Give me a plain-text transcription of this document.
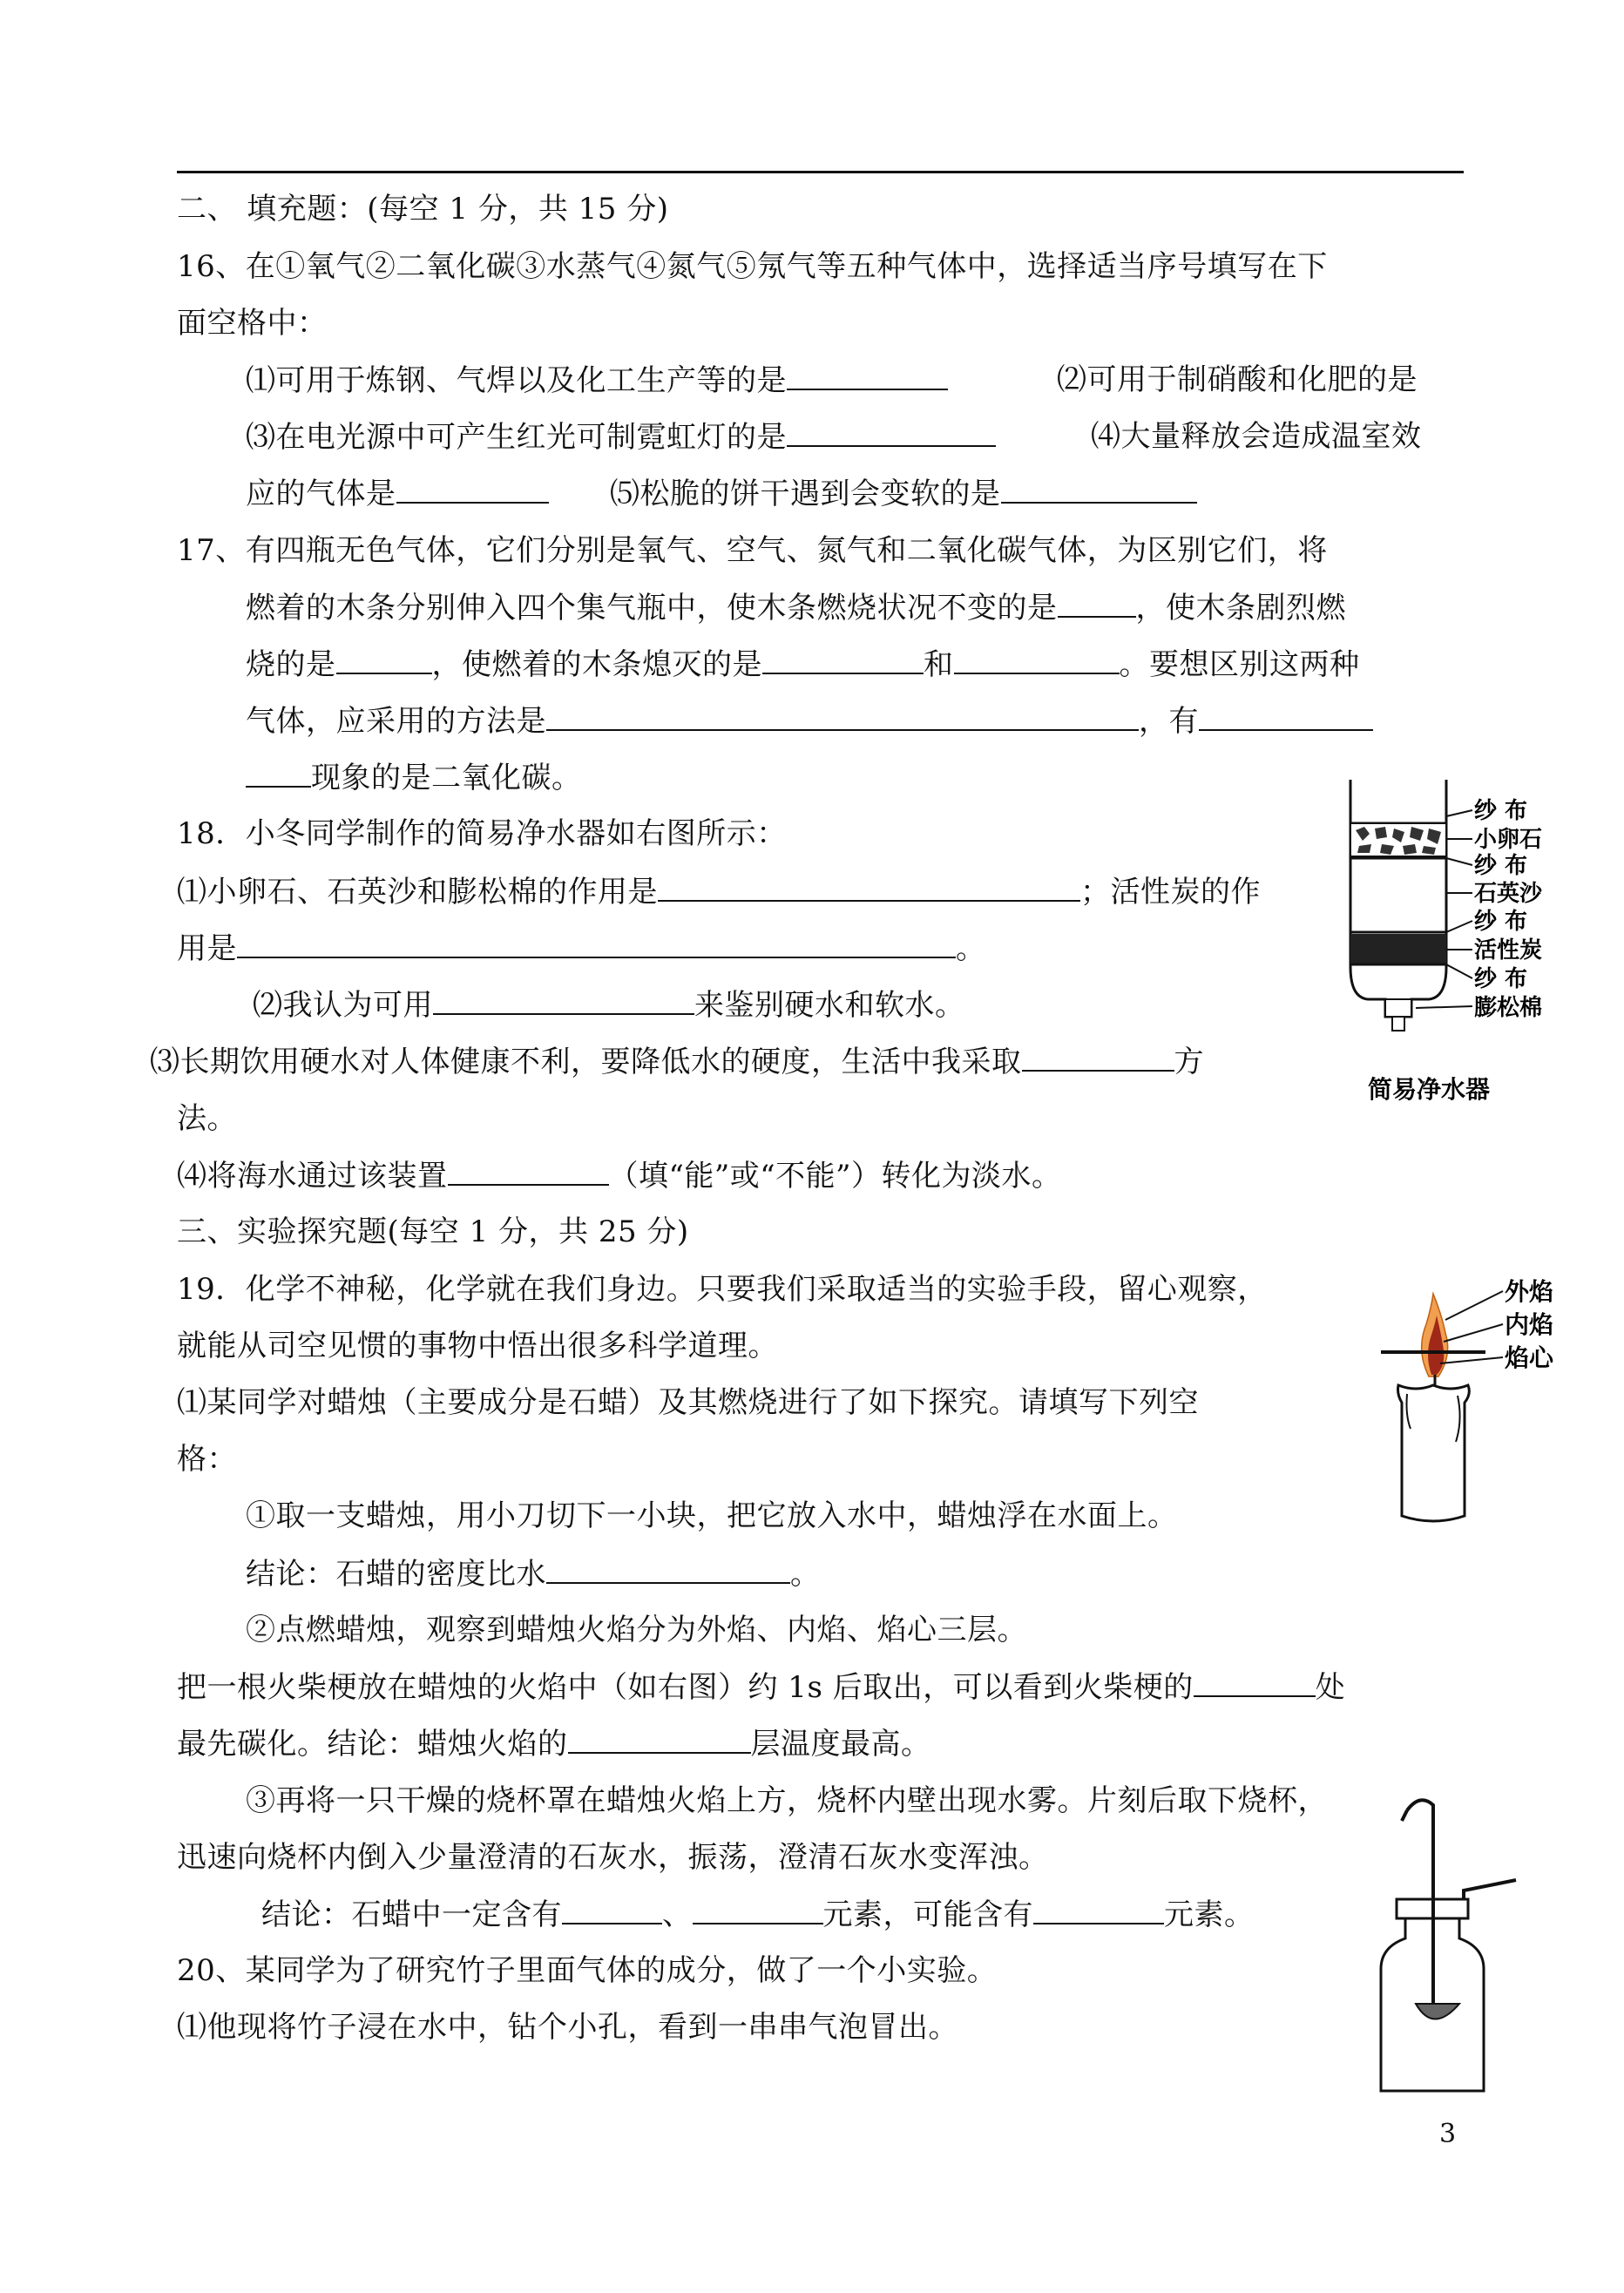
二、 填充题：(每空 1 分，共 15 分)
16、在①氧气②二氧化碳③水蒸气④氮气⑤氖气等五种气体中，选择适当序号填写在下
面空格中：
⑴可用于炼钢、气焊以及化工生产等的是	⑵可用于制硝酸和化肥的是
⑶在电光源中可产生红光可制霓虹灯的是	⑷大量释放会造成温室效
应的气体是	⑸松脆的饼干遇到会变软的是
17、有四瓶无色气体，它们分别是氧气、空气、氮气和二氧化碳气体，为区别它们，将
燃着的木条分别伸入四个集气瓶中，使木条燃烧状况不变的是	，使木条剧烈燃
烧的是	，使燃着的木条熄灭的是	和	。要想区别这两种
气体，应采用的方法是	，有
现象的是二氧化碳。
18．小冬同学制作的简易净水器如右图所示：
⑴小卵石、石英沙和膨松棉的作用是	；活性炭的作
用是	。
⑵我认为可用	来鉴别硬水和软水。
⑶长期饮用硬水对人体健康不利，要降低水的硬度，生活中我采取	方
法。
⑷将海水通过该装置	（填“能”或“不能”）转化为淡水。
纱 布
小卵石
纱 布
石英沙
纱 布
活性炭
纱 布
膨松棉
简易净水器
三、实验探究题(每空 1 分，共 25 分)
19．化学不神秘，化学就在我们身边。只要我们采取适当的实验手段，留心观察，
就能从司空见惯的事物中悟出很多科学道理。
⑴某同学对蜡烛（主要成分是石蜡）及其燃烧进行了如下探究。请填写下列空
格：
①取一支蜡烛，用小刀切下一小块，把它放入水中，蜡烛浮在水面上。
结论：石蜡的密度比水	。
②点燃蜡烛，观察到蜡烛火焰分为外焰、内焰、焰心三层。
把一根火柴梗放在蜡烛的火焰中（如右图）约 1s 后取出，可以看到火柴梗的	处
最先碳化。结论：蜡烛火焰的	层温度最高。
③再将一只干燥的烧杯罩在蜡烛火焰上方，烧杯内壁出现水雾。片刻后取下烧杯，
迅速向烧杯内倒入少量澄清的石灰水，振荡，澄清石灰水变浑浊。
结论：石蜡中一定含有	、	元素，可能含有	元素。
外焰
内焰
焰心
20、某同学为了研究竹子里面气体的成分，做了一个小实验。
⑴他现将竹子浸在水中，钻个小孔，看到一串串气泡冒出。
3
